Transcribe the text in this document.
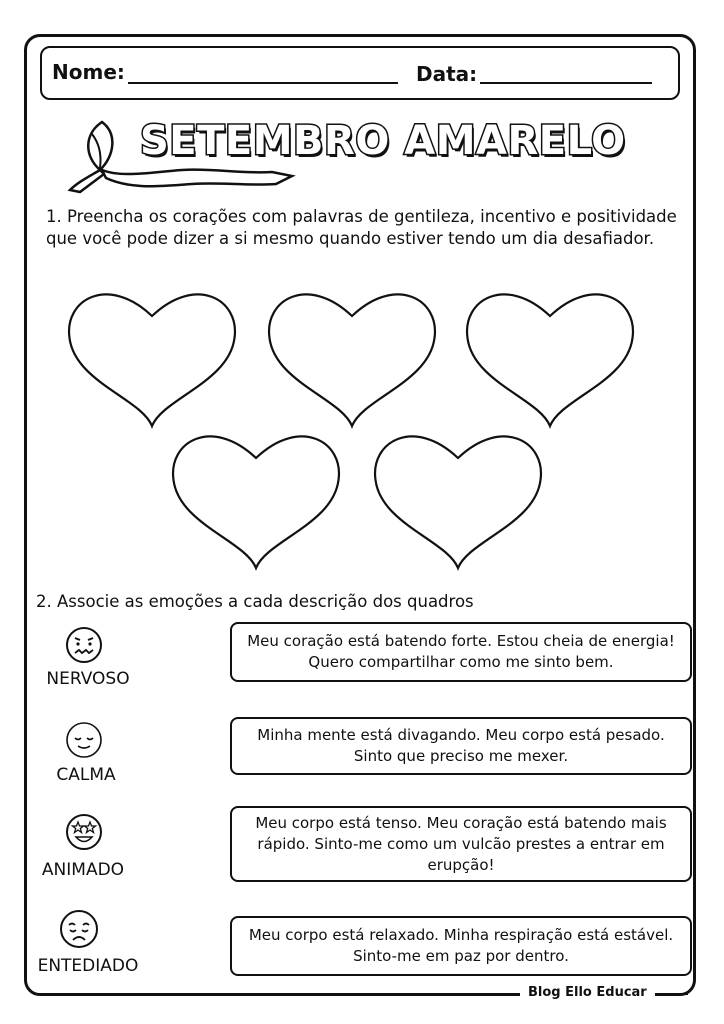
Nome:	Data:
SETEMBRO AMARELO
1. Preencha os corações com palavras de gentileza, incentivo e positividade que você pode dizer a si mesmo quando estiver tendo um dia desafiador.
2. Associe as emoções a cada descrição dos quadros
NERVOSO
CALMA
ANIMADO
ENTEDIADO
Meu coração está batendo forte. Estou cheia de energia! Quero compartilhar como me sinto bem.
Minha mente está divagando. Meu corpo está pesado. Sinto que preciso me mexer.
Meu corpo está tenso. Meu coração está batendo mais rápido. Sinto-me como um vulcão prestes a entrar em erupção!
Meu corpo está relaxado. Minha respiração está estável. Sinto-me em paz por dentro.
Blog Ello Educar
